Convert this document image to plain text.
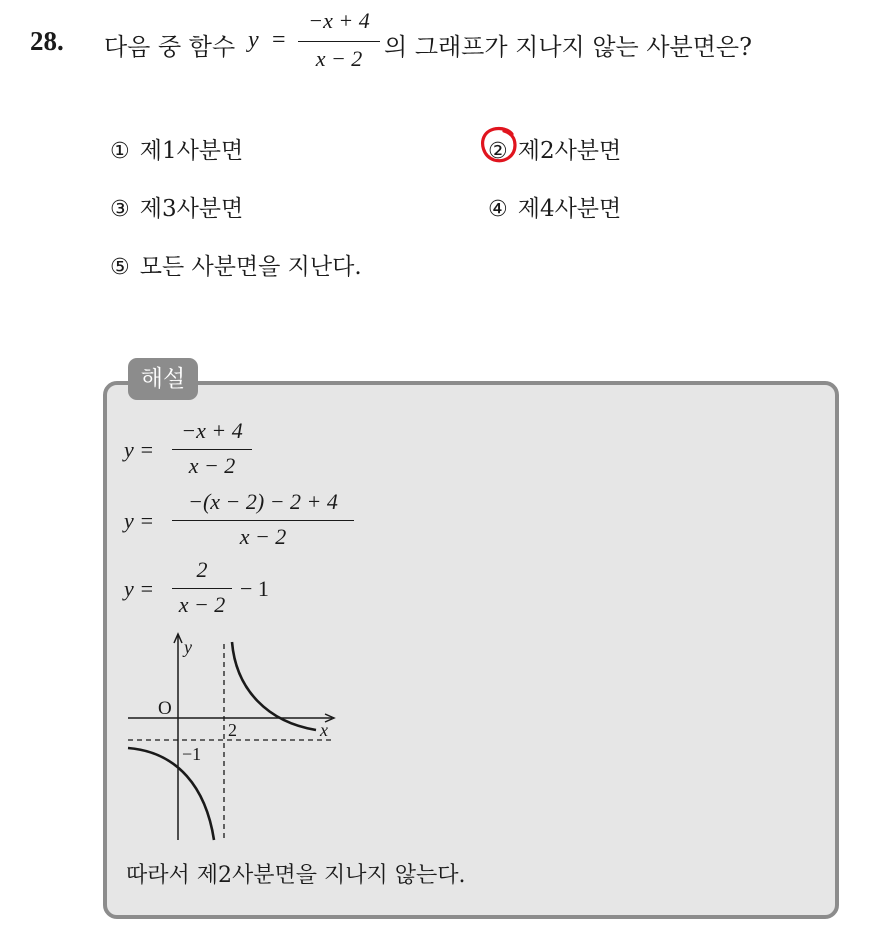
28. 다음 중 함수 y =
−x + 4
x − 2 의 그래프가 지나지 않는 사분면은?
① 제1사분면	② 제2사분면
③ 제3사분면	④ 제4사분면
⑤ 모든 사분면을 지난다.
해설
y =
−x + 4
x − 2
y =
−(x − 2) − 2 + 4
x − 2
y =
2
x − 2
− 1
y
x
O
2
−1
따라서 제2사분면을 지나지 않는다.
